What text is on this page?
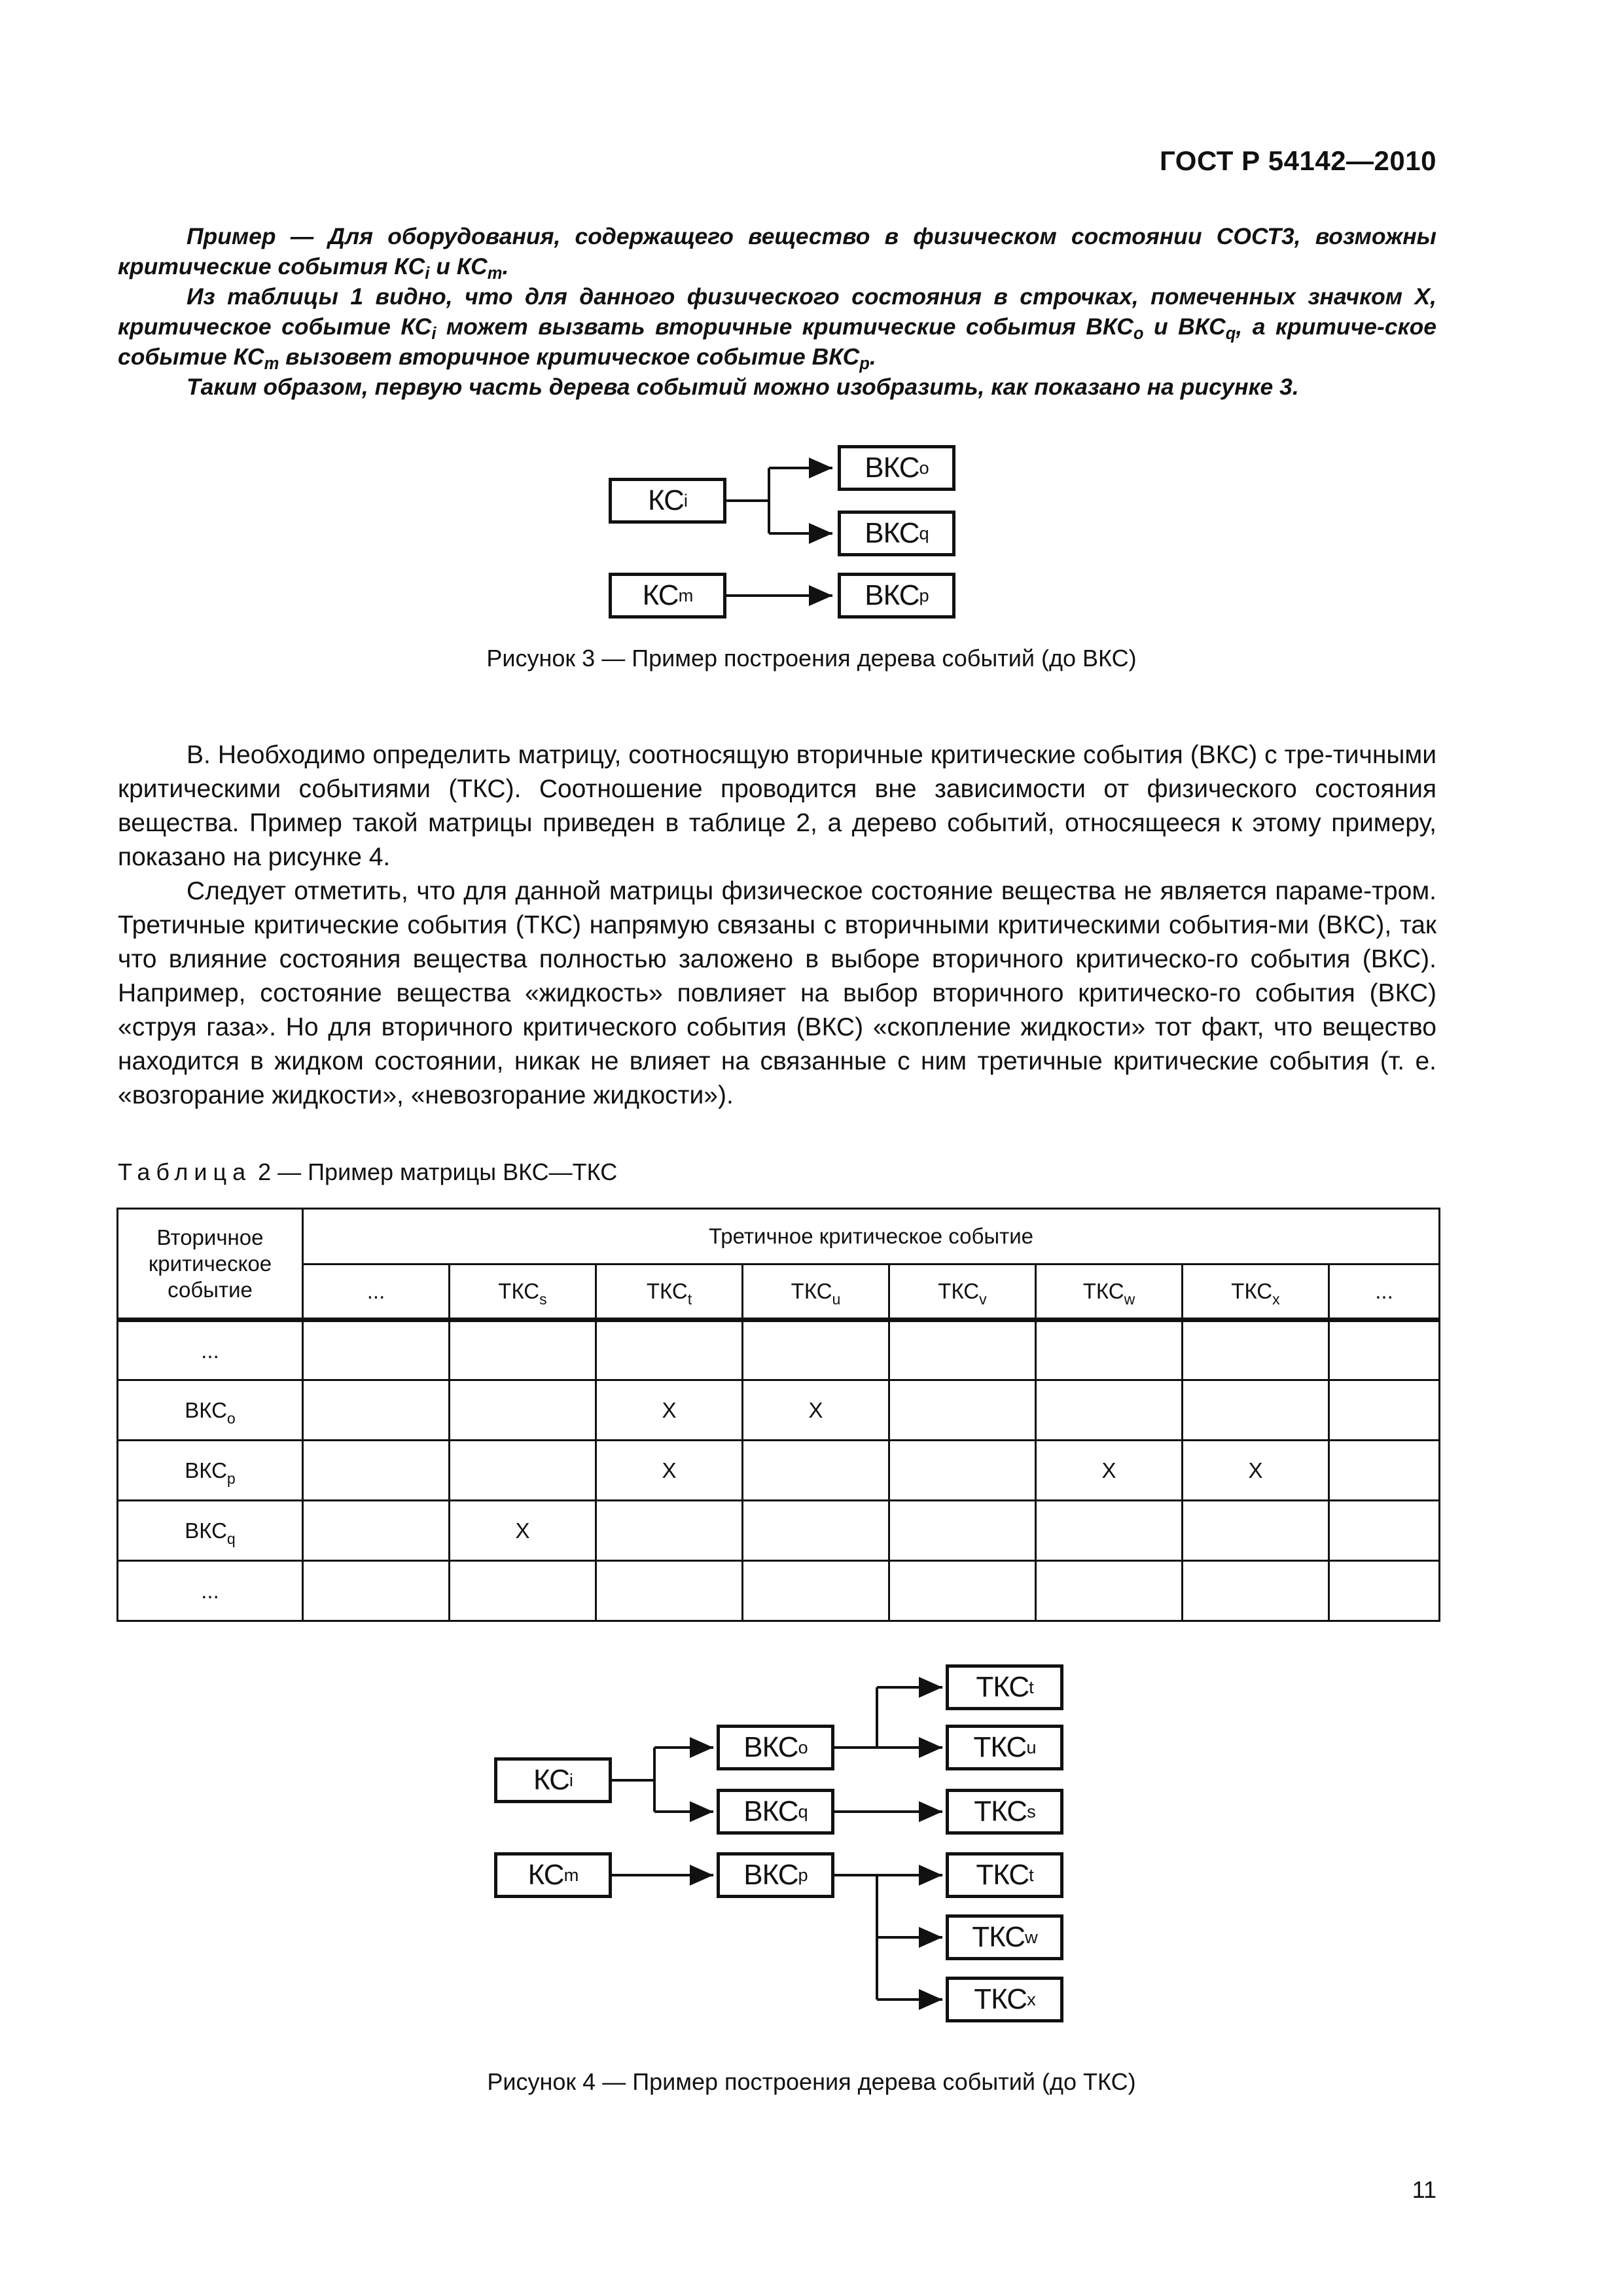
ГОСТ Р 54142—2010

Пример — Для оборудования, содержащего вещество в физическом состоянии СОСТ3, возможны критические события $КС_i$ и $КС_m$.

Из таблицы 1 видно, что для данного физического состояния в строчках, помеченных значком X, критическое событие $КС_i$ может вызвать вторичные критические события $ВКС_o$ и $ВКС_q$, а критиче-ское событие $КС_m$ вызовет вторичное критическое событие $ВКС_p$.

Таким образом, первую часть дерева событий можно изобразить, как показано на рисунке 3.

КС i
ВКС o
ВКС q
КС m	ВКС p
Рисунок 3 — Пример построения дерева событий (до ВКС)

В. Необходимо определить матрицу, соотносящую вторичные критические события (ВКС) с тре-тичными критическими событиями (ТКС). Соотношение проводится вне зависимости от физического состояния вещества. Пример такой матрицы приведен в таблице 2, а дерево событий, относящееся к этому примеру, показано на рисунке 4.

Следует отметить, что для данной матрицы физическое состояние вещества не является параме-тром. Третичные критические события (ТКС) напрямую связаны с вторичными критическими события-ми (ВКС), так что влияние состояния вещества полностью заложено в выборе вторичного критическо-го события (ВКС). Например, состояние вещества «жидкость» повлияет на выбор вторичного критическо-го события (ВКС) «струя газа». Но для вторичного критического события (ВКС) «скопление жидкости» тот факт, что вещество находится в жидком состоянии, никак не влияет на связанные с ним третичные критические события (т. е. «возгорание жидкости», «невозгорание жидкости»).

Таблица 2 — Пример матрицы ВКС—ТКС
Вторичное критическое событие	Третичное критическое событие							
	...	$ТКС_s$	$ТКС_t$	$ТКС_u$	$ТКС_v$	$ТКС_w$	$ТКС_x$	...
...								
$ВКС_o$			X	X				
$ВКС_p$			X			X	X	
$ВКС_q$		X						
...								
КС i
КС m
ВКС o
ВКС q
ВКС p
ТКС t
ТКС u
ТКС s
ТКС t
ТКС w
ТКС x
Рисунок 4 — Пример построения дерева событий (до ТКС)
11
